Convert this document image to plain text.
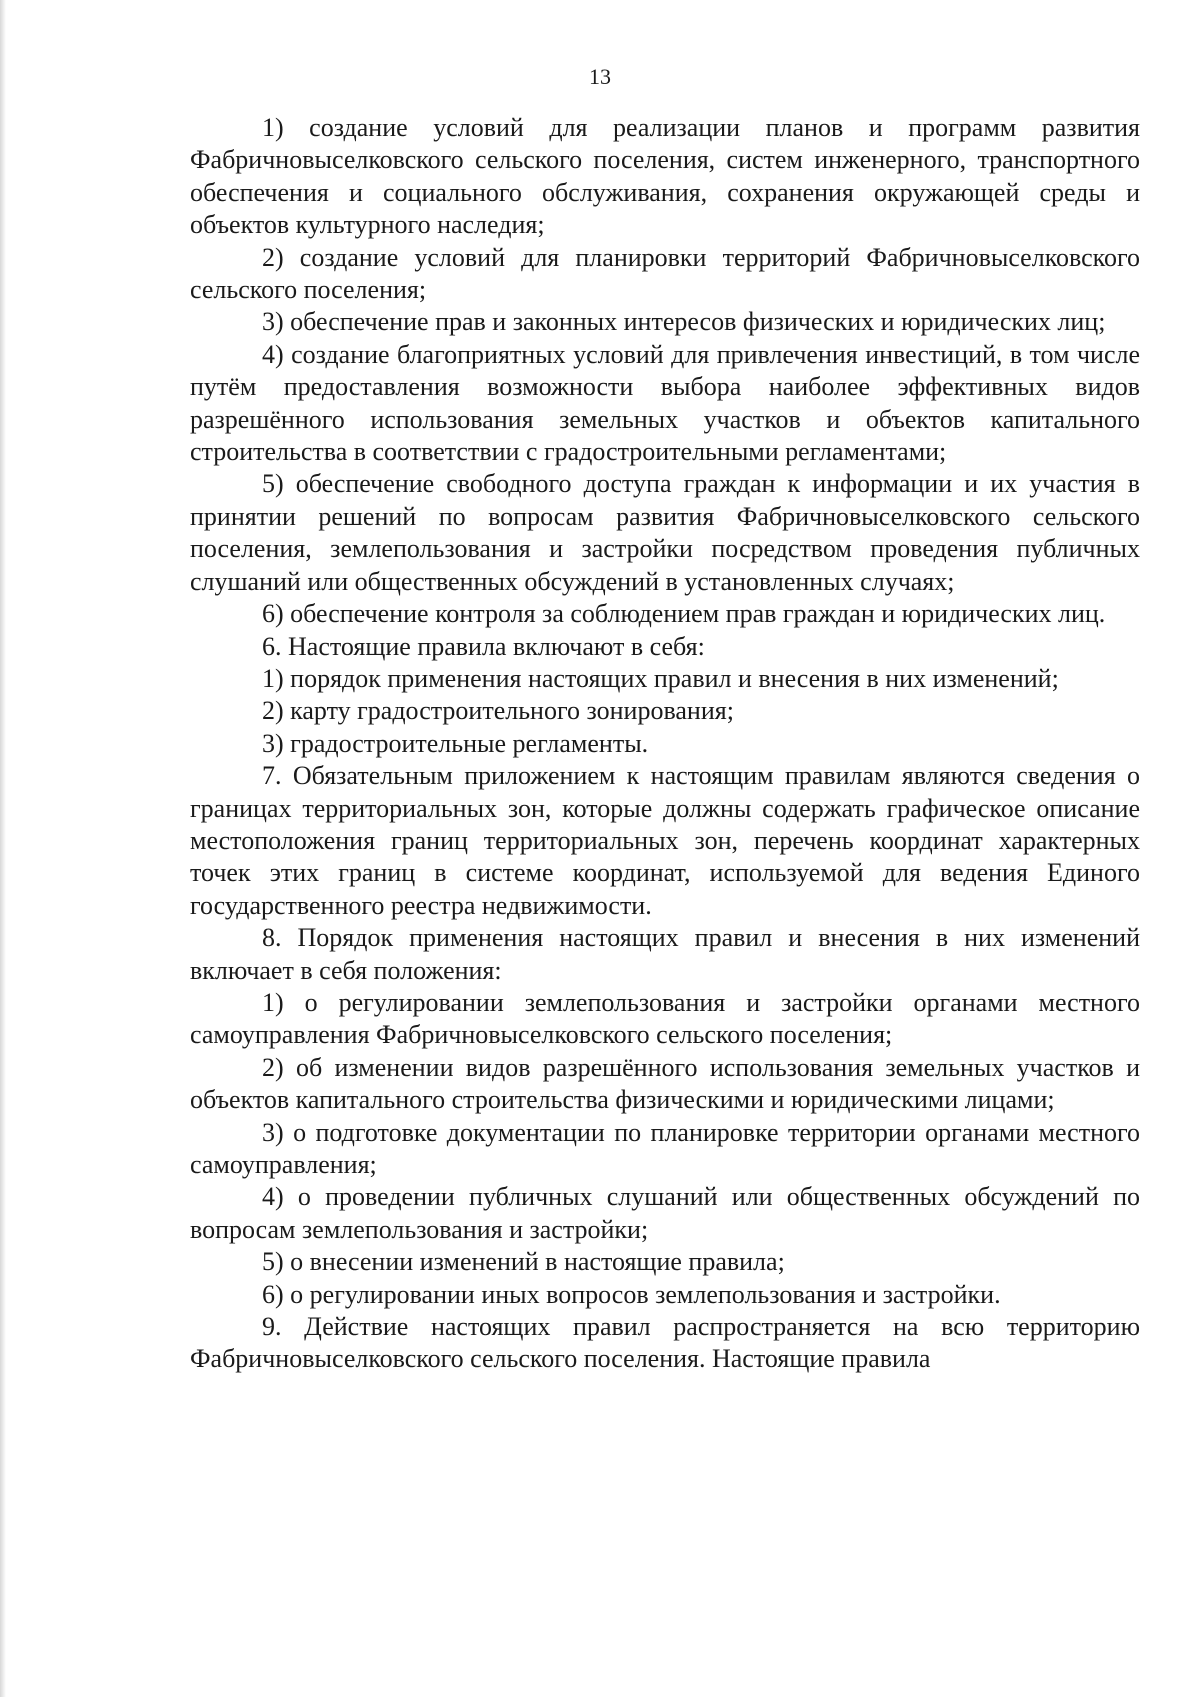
13

1) создание условий для реализации планов и программ развития Фабричновыселковского сельского поселения, систем инженерного, транспортного обеспечения и социального обслуживания, сохранения окружающей среды и объектов культурного наследия;

2) создание условий для планировки территорий Фабричновыселковского сельского поселения;

3) обеспечение прав и законных интересов физических и юридических лиц;

4) создание благоприятных условий для привлечения инвестиций, в том числе путём предоставления возможности выбора наиболее эффективных видов разрешённого использования земельных участков и объектов капитального строительства в соответствии с градостроительными регламентами;

5) обеспечение свободного доступа граждан к информации и их участия в принятии решений по вопросам развития Фабричновыселковского сельского поселения, землепользования и застройки посредством проведения публичных слушаний или общественных обсуждений в установленных случаях;

6) обеспечение контроля за соблюдением прав граждан и юридических лиц.

6. Настоящие правила включают в себя:

1) порядок применения настоящих правил и внесения в них изменений;

2) карту градостроительного зонирования;

3) градостроительные регламенты.

7. Обязательным приложением к настоящим правилам являются сведения о границах территориальных зон, которые должны содержать графическое описание местоположения границ территориальных зон, перечень координат характерных точек этих границ в системе координат, используемой для ведения Единого государственного реестра недвижимости.

8. Порядок применения настоящих правил и внесения в них изменений включает в себя положения:

1) о регулировании землепользования и застройки органами местного самоуправления Фабричновыселковского сельского поселения;

2) об изменении видов разрешённого использования земельных участков и объектов капитального строительства физическими и юридическими лицами;

3) о подготовке документации по планировке территории органами местного самоуправления;

4) о проведении публичных слушаний или общественных обсуждений по вопросам землепользования и застройки;

5) о внесении изменений в настоящие правила;

6) о регулировании иных вопросов землепользования и застройки.

9. Действие настоящих правил распространяется на всю территорию Фабричновыселковского сельского поселения. Настоящие правила
